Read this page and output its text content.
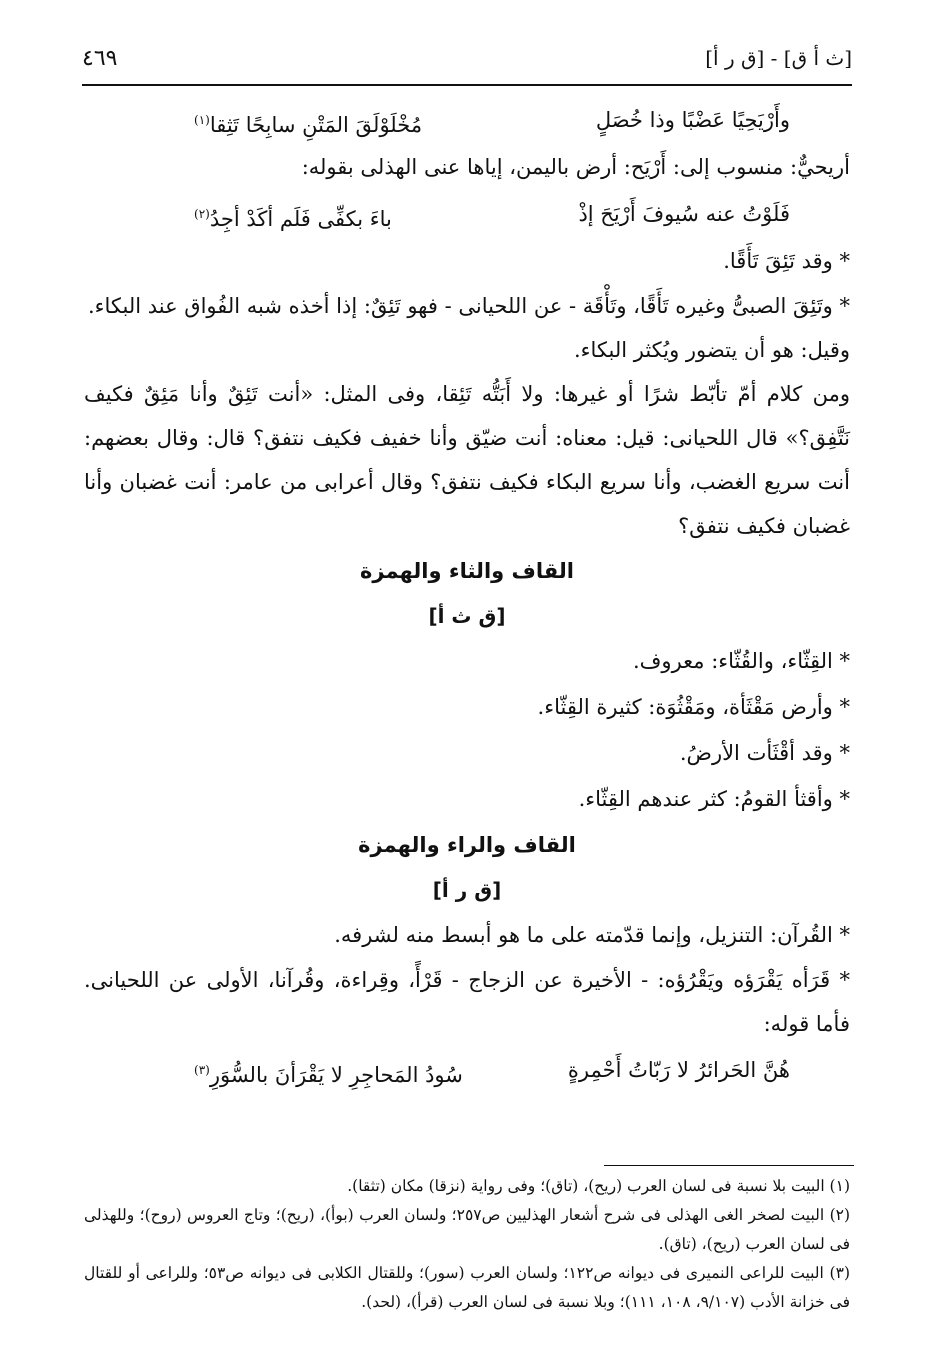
[ث أ ق] - [ق ر أ]
٤٦٩
وأَرْيَحِيًا عَضْبًا وذا خُصَلٍ
مُخْلَوْلَقَ المَتْنِ سابِحًا تَثِقا$^{(١)}$
أريحيٌّ: منسوب إلى: أَرْيَح: أرض باليمن، إياها عنى الهذلى بقوله:
فَلَوْتُ عنه سُيوفَ أَرْيَحَ إذْ
باءَ بكفِّى فَلَم أكَدْ أجِدُ$^{(٢)}$
* وقد تَئِقَ تَأَقًا.

* وتَئِقَ الصبىُّ وغيره تَأَقًا، وتَأْقَة - عن اللحيانى - فهو تَئِقٌ: إذا أخذه شبه الفُواق عند البكاء.

وقيل: هو أن يتضور ويُكثر البكاء.

ومن كلام أمّ تأبّط شرًا أو غيرها: ولا أَبَتُّه تَئِقا، وفى المثل: «أنت تَئِقٌ وأنا مَئِقٌ فكيف نَتَّفِق؟» قال اللحيانى: قيل: معناه: أنت ضيّق وأنا خفيف فكيف نتفق؟ قال: وقال بعضهم: أنت سريع الغضب، وأنا سريع البكاء فكيف نتفق؟ وقال أعرابى من عامر: أنت غضبان وأنا غضبان فكيف نتفق؟

القاف والثاء والهمزة
[ق ث أ]
* القِثّاء، والقُثّاء: معروف.
* وأرض مَقْثَأة، ومَقْثُوَة: كثيرة القِثّاء.
* وقد أقْثَأت الأرضُ.
* وأقثأ القومُ: كثر عندهم القِثّاء.
القاف والراء والهمزة
[ق ر أ]
* القُرآن: التنزيل، وإنما قدّمته على ما هو أبسط منه لشرفه.

* قَرَأه يَقْرَؤه ويَقْرُؤه: - الأخيرة عن الزجاج - قَرْأً، وقِراءة، وقُرآنا، الأولى عن اللحيانى. فأما قوله:

هُنَّ الحَرائرُ لا رَبّاتُ أَحْمِرةٍ
سُودُ المَحاجِرِ لا يَقْرَأنَ بالسُّوَرِ$^{(٣)}$

(١) البيت بلا نسبة فى لسان العرب (ريح)، (تاق)؛ وفى رواية (نزقا) مكان (تثقا).

(٢) البيت لصخر الغى الهذلى فى شرح أشعار الهذليين ص٢٥٧؛ ولسان العرب (بوأ)، (ريح)؛ وتاج العروس (روح)؛ وللهذلى فى لسان العرب (ريح)، (تاق).

(٣) البيت للراعى النميرى فى ديوانه ص١٢٢؛ ولسان العرب (سور)؛ وللقتال الكلابى فى ديوانه ص٥٣؛ وللراعى أو للقتال فى خزانة الأدب (٩/١٠٧، ١٠٨، ١١١)؛ وبلا نسبة فى لسان العرب (قرأ)، (لحد).
